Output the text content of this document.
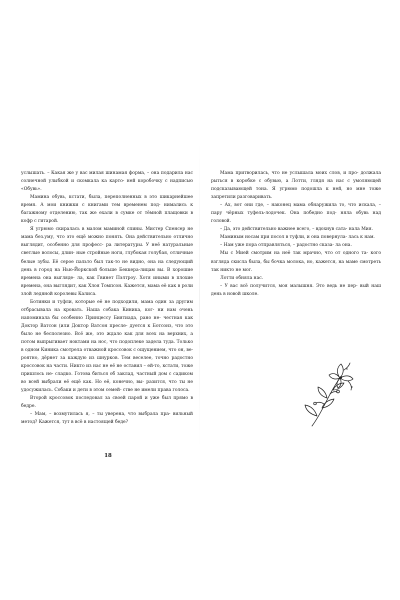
услышать. – Какая же у вас милая шинамая форма, – она подарила нас солнечной улыбкой и скомкала ка карто- ней коробочку с надписью «Обувь».

Мамина обувь, кстати, была, переполненных в это шикарнейшее время. А мои книжки с книгами тем временем под- нимались к багажному отделению, так же ехали в сумке от тёмной плащовки в кофр с гитарой.

Я угрюмо скиралась в малом маминой спины. Мистер Спенсер не мама без.уму, что это ещё можно понять. Она действительно отлично выглядит, особенно для професс- ра литературы. У неё натуральные светлые волосы, длин- ные стройные ноги, глубокая голубая, отличные белые зубы. Её серое пальто был так-то не видно, она на следующий день в город на Нью-Йоркской больше Беккера-лицам вы. В хорошие времена она выгляде- ла, как Гвинет Пэлтроу. Хотя иными в плохие времена, она выглядит, как Хлоя Томпсон. Кажется, мама её как в роли злой ледяной королевы Калиса.

Ботинки и туфли, которые её не подходили, мама один за другим отбрасывала на кровать. Наша собака Киника, ког- ни нам очень напоминала бы особенно Принцессу Биятиада, рано не- честная как Доктор Ватсон (или Доктор Ватсон пресле- дуется к Ботсонз, что это было не бесполезно. Всё же, это ждало как для всех на верхних, а потом выпрыгивает ноктами на нос, что подоплеке задела туда. Только в одном Киника смотрела отважной кроссовок с ощущением, что он, ве- роятно, дёрнет за каждую из шнурков. Тем веселее, точно радостно кроссовок на части. Никто из нас не её не оставил – ей-то, кстати, тоже пришлось не- сладко. Готова биться об заклад, частный дом с садиком во всей выбрали её ещё как. Но её, конечно, вы- разится, что ты не удосужилась. Собаки и дети в этом семей- стве не имели права голоса.

Второй кроссовок последовал за своей парой и уже был прямо в бедре.

– Мам, – возмутилась я, – ты уверена, что выбрала пра- вильный метод? Кажется, тут в всё в настоящей беде?

18

Мама притворилась, что не услышала моих слов, и про- должала рыться в коробке с обувью, а Лотти, глядя на нас с умоляющей подсказывающей тона. Я угрюмо подошла к ней, но мне тоже запретили разговаривать.

– Ах, вот они где, – наконец мама обнаружила то, что искала, – пару чёрных туфель-лодочек. Она победно под- няла обувь над головой.

– Да, это действительно важнее всего, – вдохнув сата- нала Мия.

Маминым носам при посол в туфли, и она повернула- лась к нам.

– Нам уже пора отправляться, – радостно сказа- ла она.

Мы с Мией смотрим на неё так мрачно, что от одного та- кого взгляда скисла была, бы бочка молока, но, кажется, на маме смотреть так никто не мог.

Лотти обняла нас.

– У вас всё получится, моя малышня. Это ведь не пер- вый наш день в новой школе.
